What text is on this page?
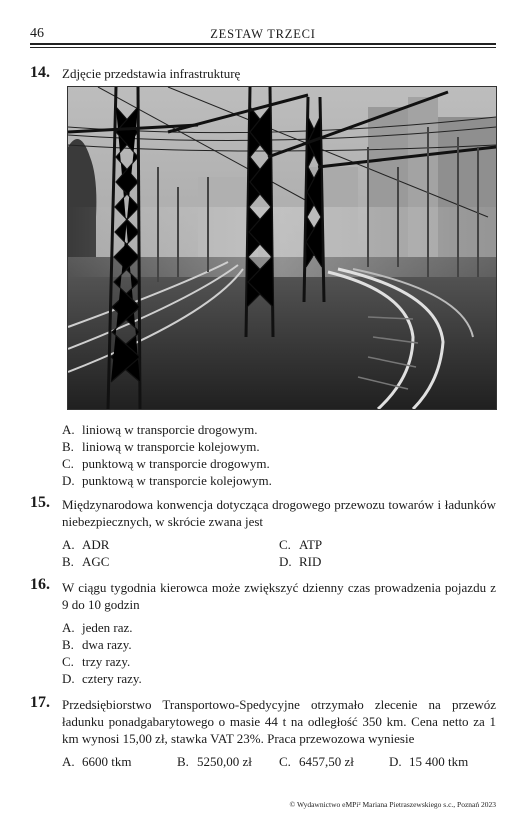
46	ZESTAW TRZECI
14. Zdjęcie przedstawia infrastrukturę
A. liniową w transporcie drogowym.
B. liniową w transporcie kolejowym.
C. punktową w transporcie drogowym.
D. punktową w transporcie kolejowym.
15. Międzynarodowa konwencja dotycząca drogowego przewozu towarów i ładunków niebezpiecznych, w skrócie zwana jest
A. ADR
B. AGC
C. ATP
D. RID
16. W ciągu tygodnia kierowca może zwiększyć dzienny czas prowadzenia pojazdu z 9 do 10 godzin
A. jeden raz.
B. dwa razy.
C. trzy razy.
D. cztery razy.
17. Przedsiębiorstwo Transportowo-Spedycyjne otrzymało zlecenie na przewóz ładunku ponadgabarytowego o masie 44 t na odległość 350 km. Cena netto za 1 km wynosi 15,00 zł, stawka VAT 23%. Praca przewozowa wyniesie
A. 6600 tkm	B. 5250,00 zł C. 6457,50 zł	D. 15 400 tkm
© Wydawnictwo eMPi² Mariana Pietraszewskiego s.c., Poznań 2023
